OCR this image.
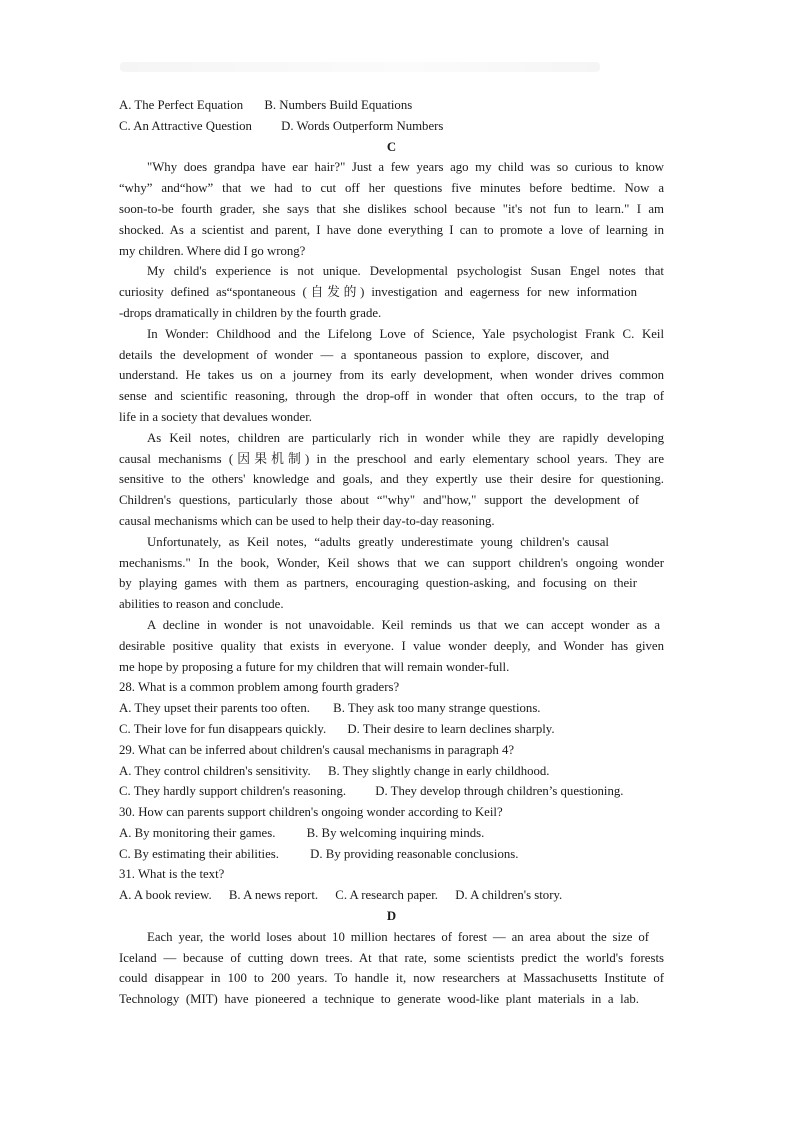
A. The Perfect Equation B. Numbers Build Equations
C. An Attractive Question D. Words Outperform Numbers
C
"Why does grandpa have ear hair?" Just a few years ago my child was so curious to know
“why” and“how” that we had to cut off her questions five minutes before bedtime. Now a
soon-to-be fourth grader, she says that she dislikes school because "it's not fun to learn." I am
shocked. As a scientist and parent, I have done everything I can to promote a love of learning in
my children. Where did I go wrong?
My child's experience is not unique. Developmental psychologist Susan Engel notes that
curiosity defined as“spontaneous (自发的) investigation and eagerness for new information
-drops dramatically in children by the fourth grade.
In Wonder: Childhood and the Lifelong Love of Science, Yale psychologist Frank C. Keil
details the development of wonder — a spontaneous passion to explore, discover, and
understand. He takes us on a journey from its early development, when wonder drives common
sense and scientific reasoning, through the drop-off in wonder that often occurs, to the trap of
life in a society that devalues wonder.
As Keil notes, children are particularly rich in wonder while they are rapidly developing
causal mechanisms (因果机制) in the preschool and early elementary school years. They are
sensitive to the others' knowledge and goals, and they expertly use their desire for questioning.
Children's questions, particularly those about “"why" and"how," support the development of
causal mechanisms which can be used to help their day-to-day reasoning.
Unfortunately, as Keil notes, “adults greatly underestimate young children's causal
mechanisms." In the book, Wonder, Keil shows that we can support children's ongoing wonder
by playing games with them as partners, encouraging question-asking, and focusing on their
abilities to reason and conclude.
A decline in wonder is not unavoidable. Keil reminds us that we can accept wonder as a
desirable positive quality that exists in everyone. I value wonder deeply, and Wonder has given
me hope by proposing a future for my children that will remain wonder-full.
28. What is a common problem among fourth graders?
A. They upset their parents too often. B. They ask too many strange questions.
C. Their love for fun disappears quickly. D. Their desire to learn declines sharply.
29. What can be inferred about children's causal mechanisms in paragraph 4?
A. They control children's sensitivity. B. They slightly change in early childhood.
C. They hardly support children's reasoning. D. They develop through children’s questioning.
30. How can parents support children's ongoing wonder according to Keil?
A. By monitoring their games. B. By welcoming inquiring minds.
C. By estimating their abilities. D. By providing reasonable conclusions.
31. What is the text?
A. A book review. B. A news report. C. A research paper. D. A children's story.
D
Each year, the world loses about 10 million hectares of forest — an area about the size of
Iceland — because of cutting down trees. At that rate, some scientists predict the world's forests
could disappear in 100 to 200 years. To handle it, now researchers at Massachusetts Institute of
Technology (MIT) have pioneered a technique to generate wood-like plant materials in a lab.
